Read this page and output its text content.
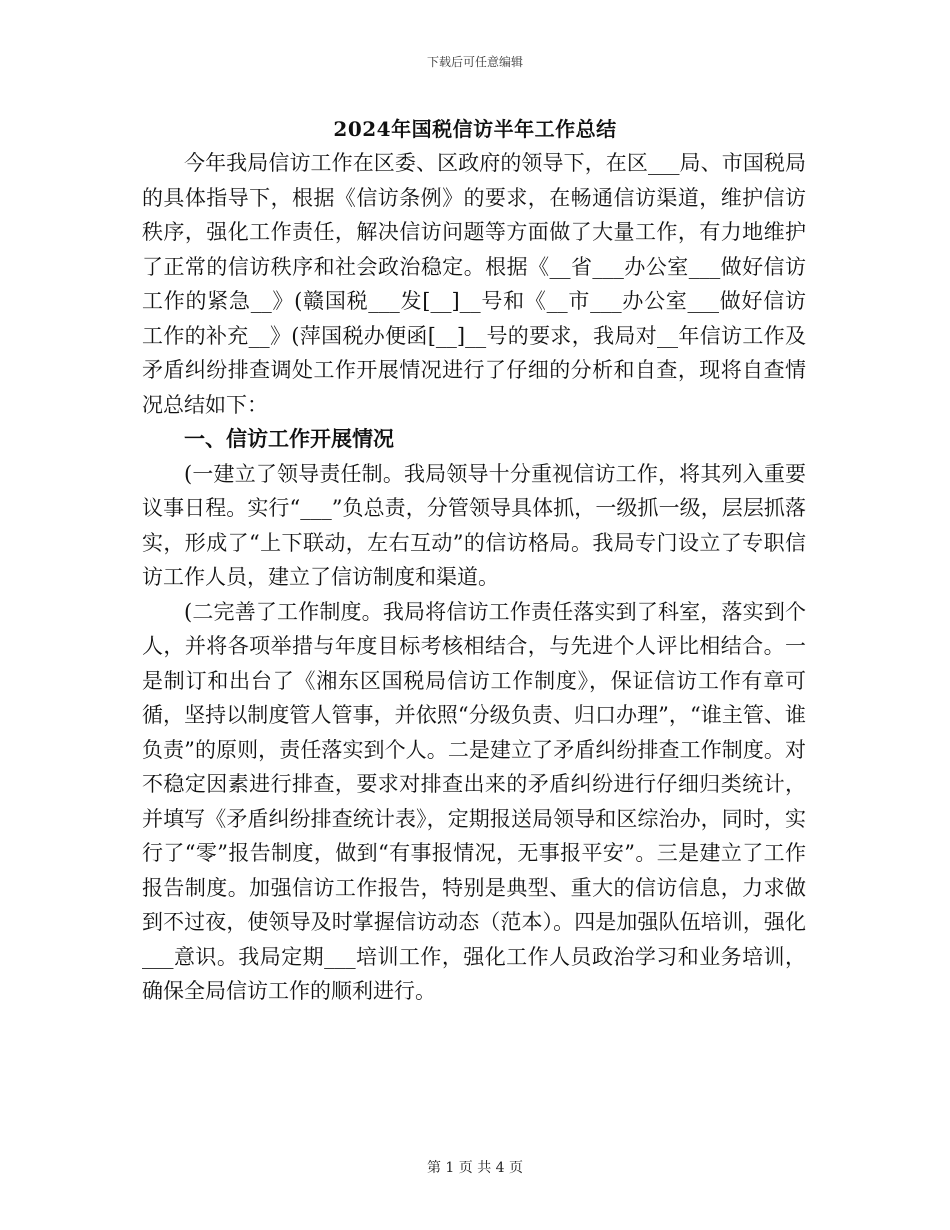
下载后可任意编辑
2024年国税信访半年工作总结

今年我局信访工作在区委、区政府的领导下，在区___局、市国税局的具体指导下，根据《信访条例》的要求，在畅通信访渠道，维护信访秩序，强化工作责任，解决信访问题等方面做了大量工作，有力地维护了正常的信访秩序和社会政治稳定。根据《__省___办公室___做好信访工作的紧急__》(赣国税___发[__]__号和《__市___办公室___做好信访工作的补充__》(萍国税办便函[__]__号的要求，我局对__年信访工作及矛盾纠纷排查调处工作开展情况进行了仔细的分析和自查，现将自查情况总结如下：

一、信访工作开展情况

(一建立了领导责任制。我局领导十分重视信访工作，将其列入重要议事日程。实行“___”负总责，分管领导具体抓，一级抓一级，层层抓落实，形成了“上下联动，左右互动”的信访格局。我局专门设立了专职信访工作人员，建立了信访制度和渠道。

(二完善了工作制度。我局将信访工作责任落实到了科室，落实到个人，并将各项举措与年度目标考核相结合，与先进个人评比相结合。一是制订和出台了《湘东区国税局信访工作制度》，保证信访工作有章可循，坚持以制度管人管事，并依照“分级负责、归口办理”，“谁主管、谁负责”的原则，责任落实到个人。二是建立了矛盾纠纷排查工作制度。对不稳定因素进行排查，要求对排查出来的矛盾纠纷进行仔细归类统计，并填写《矛盾纠纷排查统计表》，定期报送局领导和区综治办，同时，实行了“零”报告制度，做到“有事报情况，无事报平安”。三是建立了工作报告制度。加强信访工作报告，特别是典型、重大的信访信息，力求做到不过夜，使领导及时掌握信访动态（范本）。四是加强队伍培训，强化___意识。我局定期___培训工作，强化工作人员政治学习和业务培训，确保全局信访工作的顺利进行。

第 1 页 共 4 页
